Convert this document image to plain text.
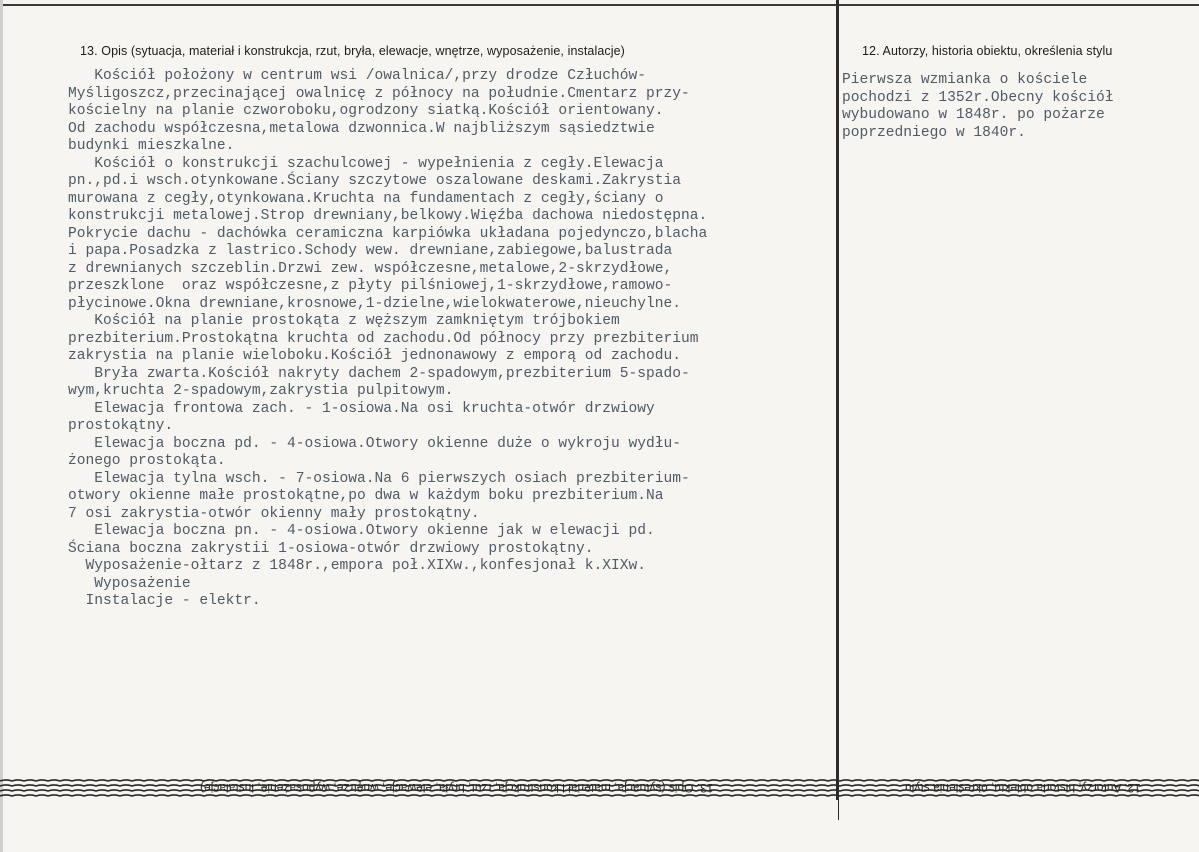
13. Opis (sytuacja, materiał i konstrukcja, rzut, bryła, elewacje, wnętrze, wyposażenie, instalacje)	12. Autorzy, historia obiektu, określenia stylu
Kościół położony w centrum wsi /owalnica/,przy drodze Człuchów-
Myśligoszcz,przecinającej owalnicę z północy na południe.Cmentarz przy-
kościelny na planie czworoboku,ogrodzony siatką.Kościół orientowany.
Od zachodu współczesna,metalowa dzwonnica.W najbliższym sąsiedztwie
budynki mieszkalne.
Kościół o konstrukcji szachulcowej - wypełnienia z cegły.Elewacja
pn.,pd.i wsch.otynkowane.Ściany szczytowe oszalowane deskami.Zakrystia
murowana z cegły,otynkowana.Kruchta na fundamentach z cegły,ściany o
konstrukcji metalowej.Strop drewniany,belkowy.Więźba dachowa niedostępna.
Pokrycie dachu - dachówka ceramiczna karpiówka układana pojedynczo,blacha
i papa.Posadzka z lastrico.Schody wew. drewniane,zabiegowe,balustrada
z drewnianych szczeblin.Drzwi zew. współczesne,metalowe,2-skrzydłowe,
przeszklone  oraz współczesne,z płyty pilśniowej,1-skrzydłowe,ramowo-
płycinowe.Okna drewniane,krosnowe,1-dzielne,wielokwaterowe,nieuchylne.
Kościół na planie prostokąta z węższym zamkniętym trójbokiem
prezbiterium.Prostokątna kruchta od zachodu.Od północy przy prezbiterium
zakrystia na planie wieloboku.Kościół jednonawowy z emporą od zachodu.
Bryła zwarta.Kościół nakryty dachem 2-spadowym,prezbiterium 5-spado-
wym,kruchta 2-spadowym,zakrystia pulpitowym.
Elewacja frontowa zach. - 1-osiowa.Na osi kruchta-otwór drzwiowy
prostokątny.
Elewacja boczna pd. - 4-osiowa.Otwory okienne duże o wykroju wydłu-
żonego prostokąta.
Elewacja tylna wsch. - 7-osiowa.Na 6 pierwszych osiach prezbiterium-
otwory okienne małe prostokątne,po dwa w każdym boku prezbiterium.Na
7 osi zakrystia-otwór okienny mały prostokątny.
Elewacja boczna pn. - 4-osiowa.Otwory okienne jak w elewacji pd.
Ściana boczna zakrystii 1-osiowa-otwór drzwiowy prostokątny.
Wyposażenie-ołtarz z 1848r.,empora poł.XIXw.,konfesjonał k.XIXw.
Wyposażenie
Instalacje - elektr.
Pierwsza wzmianka o kościele
pochodzi z 1352r.Obecny kościół
wybudowano w 1848r. po pożarze
poprzedniego w 1840r.
13. Opis (sytuacja, materiał i konstrukcja, rzut, bryła, elewacje, wnętrze, wyposażenie, instalacje)	12. Autorzy, historia obiektu, określenia stylu
